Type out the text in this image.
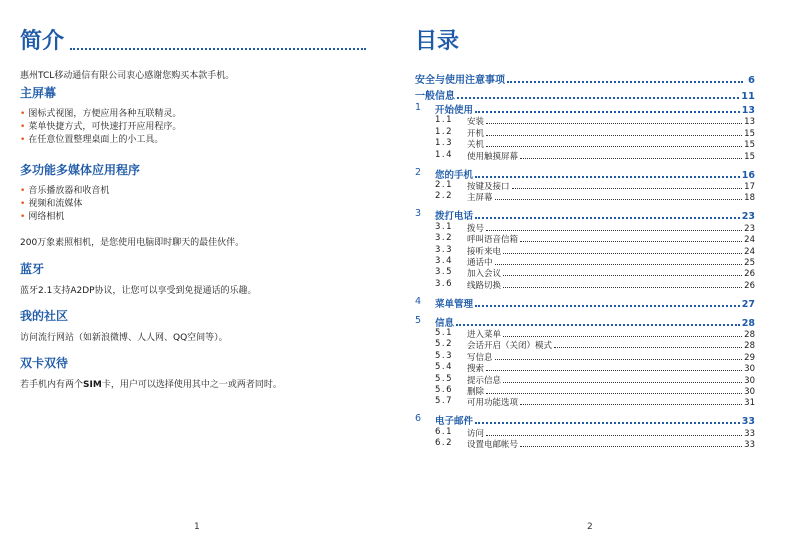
简介

惠州TCL移动通信有限公司衷心感谢您购买本款手机。

主屏幕
• 图标式视图，方便应用各种互联精灵。
• 菜单快捷方式，可快速打开应用程序。
• 在任意位置整理桌面上的小工具。
多功能多媒体应用程序
• 音乐播放器和收音机
• 视频和流媒体
• 网络相机

200万象素照相机，是您使用电脑即时聊天的最佳伙伴。

蓝牙

蓝牙2.1支持A2DP协议，让您可以享受到免提通话的乐趣。

我的社区

访问流行网站（如新浪微博、人人网、QQ空间等）。

双卡双待

若手机内有两个SIM卡，用户可以选择使用其中之一或两者同时。

1
目录
安全与使用注意事项	6
一般信息	11
1	开始使用	13
1.1	安装	13
1.2	开机	15
1.3	关机	15
1.4	使用触摸屏幕	15
2	您的手机	16
2.1	按键及接口	17
2.2	主屏幕	18
3	拨打电话	23
3.1	拨号	23
3.2	呼叫语音信箱	24
3.3	接听来电	24
3.4	通话中	25
3.5	加入会议	26
3.6	线路切换	26
4	菜单管理	27
5	信息	28
5.1	进入菜单	28
5.2	会话开启（关闭）模式	28
5.3	写信息	29
5.4	搜索	30
5.5	提示信息	30
5.6	删除	30
5.7	可用功能选项	31
6	电子邮件	33
6.1	访问	33
6.2	设置电邮帐号	33
2
